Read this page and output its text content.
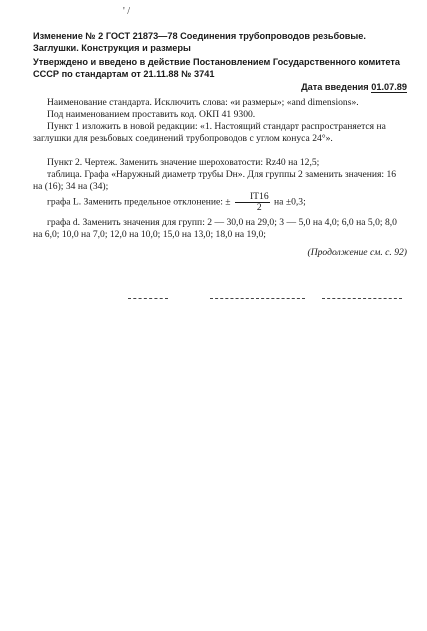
' /
Изменение № 2 ГОСТ 21873—78 Соединения трубопроводов резьбовые. Заглушки. Конструкция и размеры
Утверждено и введено в действие Постановлением Государственного комитета СССР по стандартам от 21.11.88 № 3741
Дата введения 01.07.89
Наименование стандарта. Исключить слова: «и размеры»; «and dimensions».
Под наименованием проставить код. ОКП 41 9300.
Пункт 1 изложить в новой редакции: «1. Настоящий стандарт распространяется на заглушки для резьбовых соединений трубопроводов с углом конуса 24°».
Пункт 2. Чертеж. Заменить значение шероховатости: Rz40 на 12,5;
таблица. Графа «Наружный диаметр трубы Dн». Для группы 2 заменить значения: 16 на (16); 34 на (34);
графа L. Заменить предельное отклонение: ± $\frac{IT16}{2}$ на ±0,3;
графа d. Заменить значения для групп: 2 — 30,0 на 29,0; 3 — 5,0 на 4,0; 6,0 на 5,0; 8,0 на 6,0; 10,0 на 7,0; 12,0 на 10,0; 15,0 на 13,0; 18,0 на 19,0;
(Продолжение см. с. 92)
